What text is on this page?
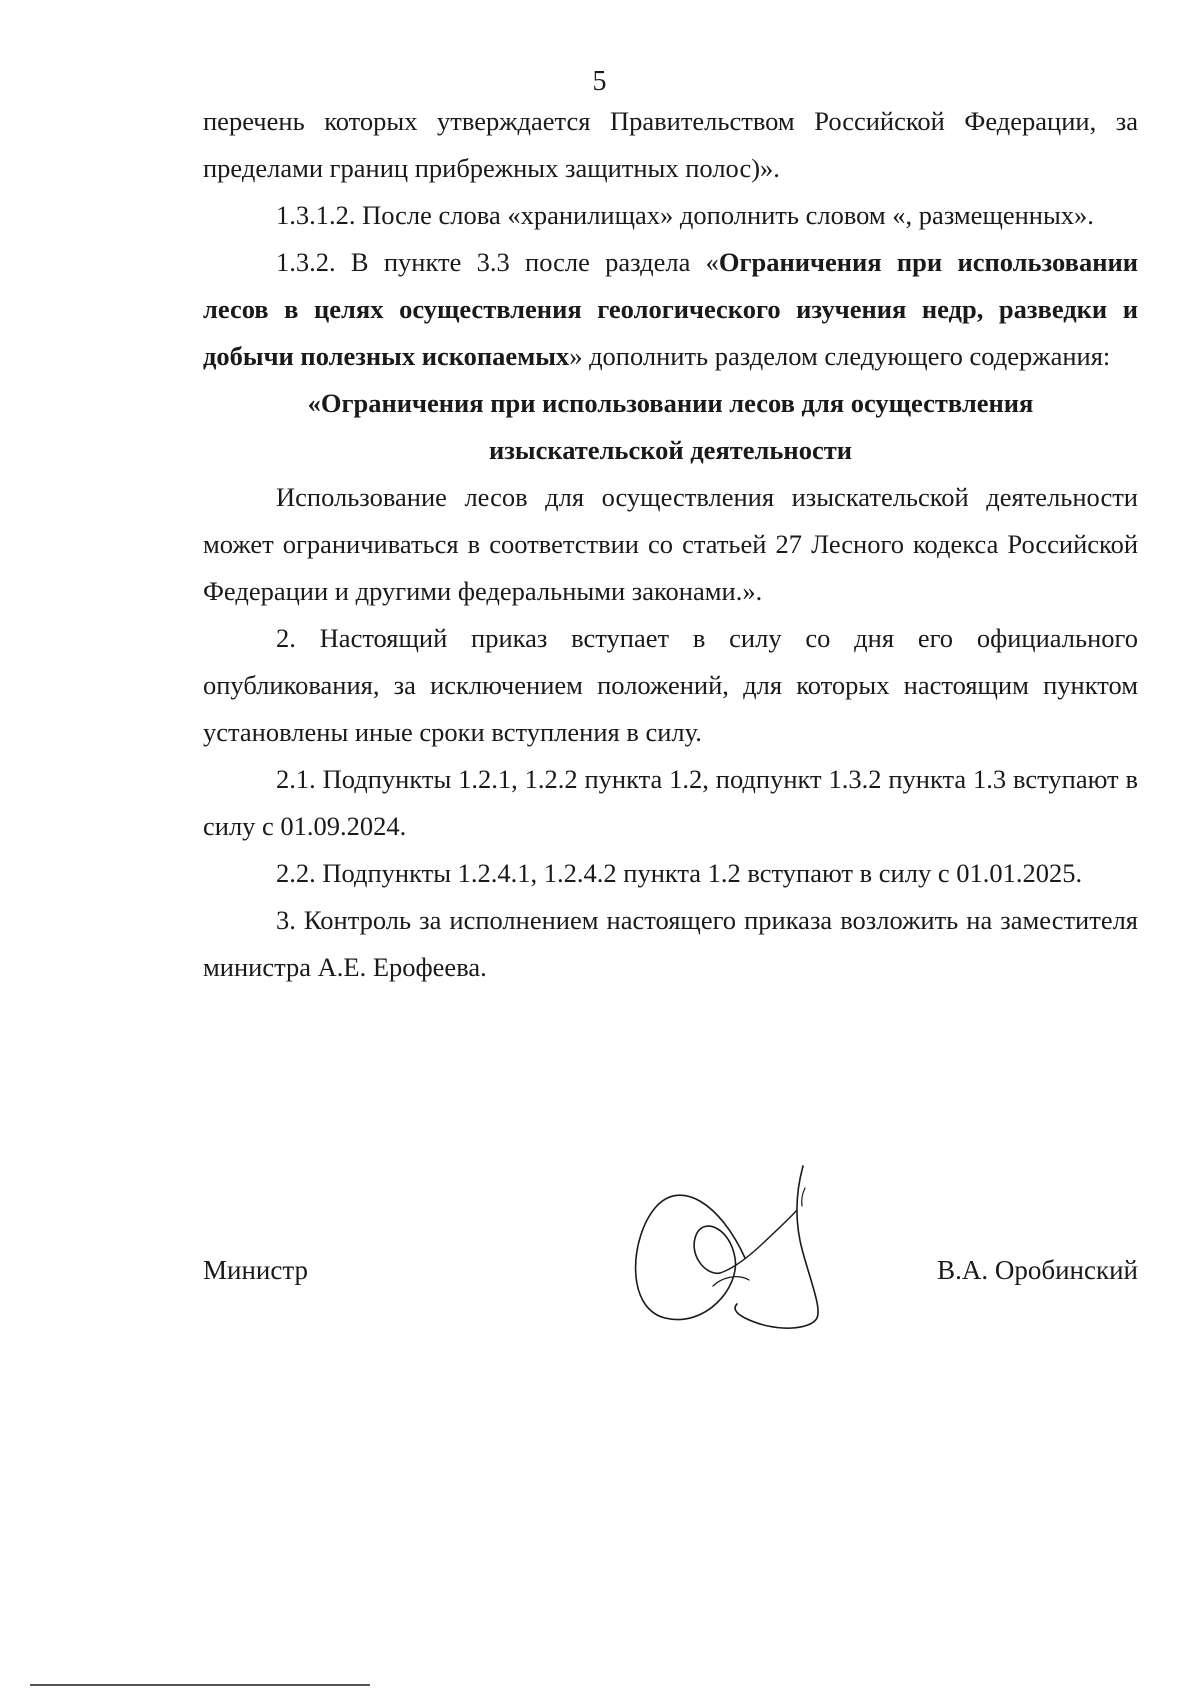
5

перечень которых утверждается Правительством Российской Федерации, за пределами границ прибрежных защитных полос)».

1.3.1.2. После слова «хранилищах» дополнить словом «, размещенных».

1.3.2. В пункте 3.3 после раздела «Ограничения при использовании лесов в целях осуществления геологического изучения недр, разведки и добычи полезных ископаемых» дополнить разделом следующего содержания:

«Ограничения при использовании лесов для осуществления

изыскательской деятельности

Использование лесов для осуществления изыскательской деятельности может ограничиваться в соответствии со статьей 27 Лесного кодекса Российской Федерации и другими федеральными законами.».

2. Настоящий приказ вступает в силу со дня его официального опубликования, за исключением положений, для которых настоящим пунктом установлены иные сроки вступления в силу.

2.1. Подпункты 1.2.1, 1.2.2 пункта 1.2, подпункт 1.3.2 пункта 1.3 вступают в силу с 01.09.2024.

2.2. Подпункты 1.2.4.1, 1.2.4.2 пункта 1.2 вступают в силу с 01.01.2025.

3. Контроль за исполнением настоящего приказа возложить на заместителя министра А.Е. Ерофеева.

Министр	В.А. Оробинский
